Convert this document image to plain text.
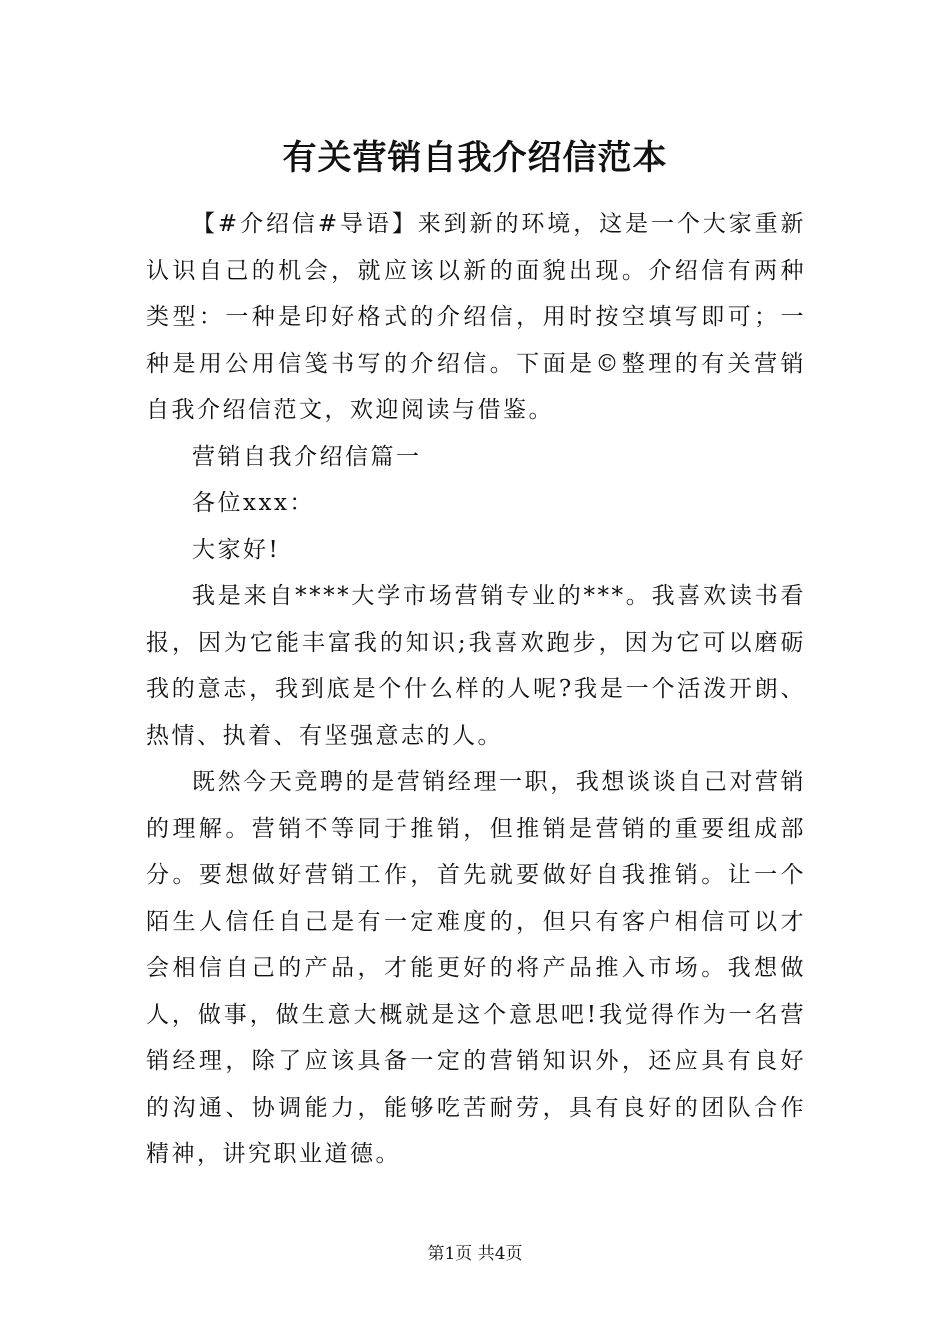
有关营销自我介绍信范本

【#介绍信#导语】来到新的环境，这是一个大家重新认识自己的机会，就应该以新的面貌出现。介绍信有两种类型：一种是印好格式的介绍信，用时按空填写即可；一种是用公用信笺书写的介绍信。下面是©整理的有关营销自我介绍信范文，欢迎阅读与借鉴。

营销自我介绍信篇一

各位xxx：

大家好!

我是来自****大学市场营销专业的***。我喜欢读书看报，因为它能丰富我的知识;我喜欢跑步，因为它可以磨砺我的意志，我到底是个什么样的人呢?我是一个活泼开朗、热情、执着、有坚强意志的人。

既然今天竞聘的是营销经理一职，我想谈谈自己对营销的理解。营销不等同于推销，但推销是营销的重要组成部分。要想做好营销工作，首先就要做好自我推销。让一个陌生人信任自己是有一定难度的，但只有客户相信可以才会相信自己的产品，才能更好的将产品推入市场。我想做人，做事，做生意大概就是这个意思吧!我觉得作为一名营销经理，除了应该具备一定的营销知识外，还应具有良好的沟通、协调能力，能够吃苦耐劳，具有良好的团队合作精神，讲究职业道德。

第1页 共4页
